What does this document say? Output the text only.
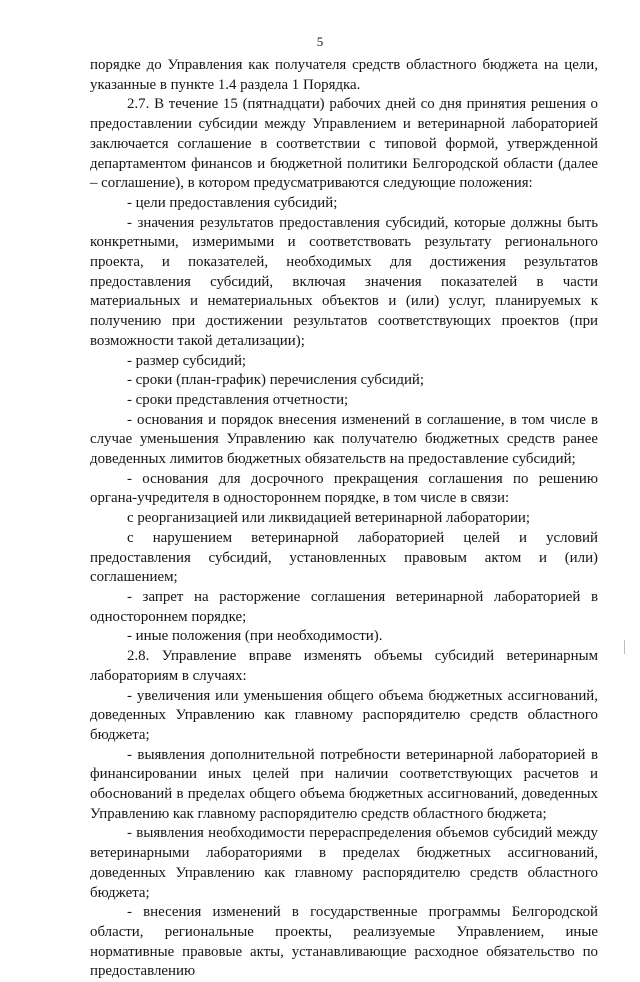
5

порядке до Управления как получателя средств областного бюджета на цели, указанные в пункте 1.4 раздела 1 Порядка.

2.7. В течение 15 (пятнадцати) рабочих дней со дня принятия решения о предоставлении субсидии между Управлением и ветеринарной лабораторией заключается соглашение в соответствии с типовой формой, утвержденной департаментом финансов и бюджетной политики Белгородской области (далее – соглашение), в котором предусматриваются следующие положения:

- цели предоставления субсидий;

- значения результатов предоставления субсидий, которые должны быть конкретными, измеримыми и соответствовать результату регионального проекта, и показателей, необходимых для достижения результатов предоставления субсидий, включая значения показателей в части материальных и нематериальных объектов и (или) услуг, планируемых к получению при достижении результатов соответствующих проектов (при возможности такой детализации);

- размер субсидий;

- сроки (план-график) перечисления субсидий;

- сроки представления отчетности;

- основания и порядок внесения изменений в соглашение, в том числе в случае уменьшения Управлению как получателю бюджетных средств ранее доведенных лимитов бюджетных обязательств на предоставление субсидий;

- основания для досрочного прекращения соглашения по решению органа-учредителя в одностороннем порядке, в том числе в связи:

с реорганизацией или ликвидацией ветеринарной лаборатории;

с нарушением ветеринарной лабораторией целей и условий предоставления субсидий, установленных правовым актом и (или) соглашением;

- запрет на расторжение соглашения ветеринарной лабораторией в одностороннем порядке;

- иные положения (при необходимости).

2.8. Управление вправе изменять объемы субсидий ветеринарным лабораториям в случаях:

- увеличения или уменьшения общего объема бюджетных ассигнований, доведенных Управлению как главному распорядителю средств областного бюджета;

- выявления дополнительной потребности ветеринарной лабораторией в финансировании иных целей при наличии соответствующих расчетов и обоснований в пределах общего объема бюджетных ассигнований, доведенных Управлению как главному распорядителю средств областного бюджета;

- выявления необходимости перераспределения объемов субсидий между ветеринарными лабораториями в пределах бюджетных ассигнований, доведенных Управлению как главному распорядителю средств областного бюджета;

- внесения изменений в государственные программы Белгородской области, региональные проекты, реализуемые Управлением, иные нормативные правовые акты, устанавливающие расходное обязательство по предоставлению
